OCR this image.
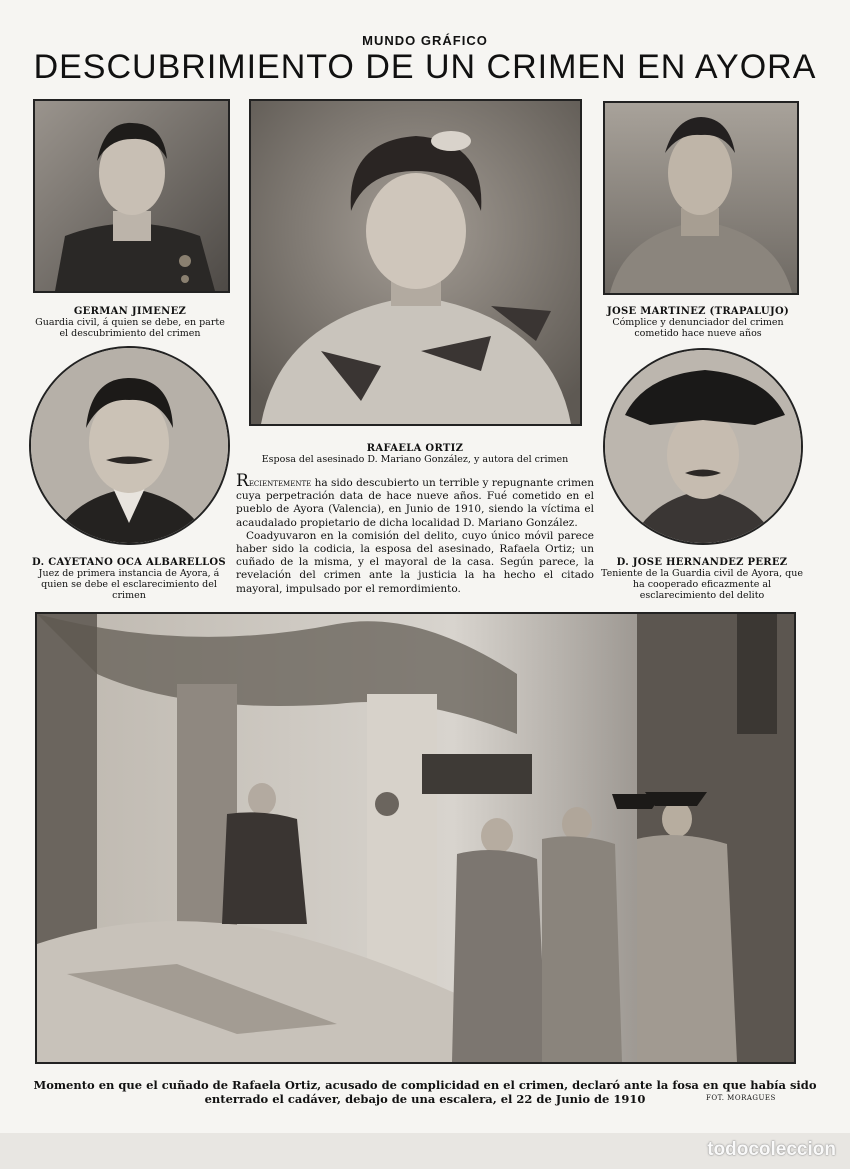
MUNDO GRÁFICO
DESCUBRIMIENTO DE UN CRIMEN EN AYORA
GERMAN JIMENEZ
Guardia civil, á quien se debe, en parte el descubrimiento del crimen
RAFAELA ORTIZ
Esposa del asesinado D. Mariano González, y autora del crimen
JOSE MARTINEZ (TRAPALUJO)
Cómplice y denunciador del crimen cometido hace nueve años
D. CAYETANO OCA ALBARELLOS
Juez de primera instancia de Ayora, á quien se debe el esclarecimiento del crimen
D. JOSE HERNANDEZ PEREZ
Teniente de la Guardia civil de Ayora, que ha cooperado eficazmente al esclarecimiento del delito

Recientemente ha sido descubierto un terrible y repugnante crimen cuya perpetración data de hace nueve años. Fué cometido en el pueblo de Ayora (Valencia), en Junio de 1910, siendo la víctima el acaudalado propietario de dicha localidad D. Mariano González.

Coadyuvaron en la comisión del delito, cuyo único móvil parece haber sido la codicia, la esposa del asesinado, Rafaela Ortiz; un cuñado de la misma, y el mayoral de la casa. Según parece, la revelación del crimen ante la justicia la ha hecho el citado mayoral, impulsado por el remordimiento.

Momento en que el cuñado de Rafaela Ortiz, acusado de complicidad en el crimen, declaró ante la fosa en que había sido enterrado el cadáver, debajo de una escalera, el 22 de Junio de 1910	FOT. MORAGUES
todocoleccion
